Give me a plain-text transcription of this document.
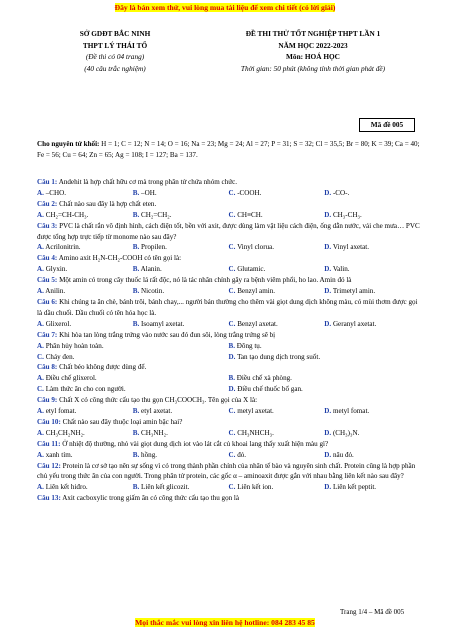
Đây là bản xem thử, vui lòng mua tài liệu để xem chi tiết (có lời giải)
SỞ GDĐT BẮC NINH
THPT LÝ THÁI TỔ
(Đề thi có 04 trang)
(40 câu trắc nghiệm)
ĐỀ THI THỬ TỐT NGHIỆP THPT LẦN 1
NĂM HỌC 2022-2023
Môn: HOÁ HỌC
Thời gian: 50 phút (không tính thời gian phát đề)
Mã đề 005
Cho nguyên tử khối: H = 1; C = 12; N = 14; O = 16; Na = 23; Mg = 24; Al = 27; P = 31; S = 32; Cl = 35,5; Br = 80; K = 39; Ca = 40; Fe = 56; Cu = 64; Zn = 65; Ag = 108; I = 127; Ba = 137.

Câu 1: Andehit là hợp chất hữu cơ mà trong phân tử chứa nhóm chức.

A. –CHO.	B. –OH.	C. -COOH.	D. -CO-.

Câu 2: Chất nào sau đây là hợp chất eten.

A. CH₂=CH-CH₃.	B. CH₂=CH₂.	C. CH≡CH.	D. CH₃-CH₃.

Câu 3: PVC là chất rắn vô định hình, cách điện tốt, bền với axit, được dùng làm vật liệu cách điện, ống dẫn nước, vải che mưa… PVC được tổng hợp trực tiếp từ monome nào sau đây?

A. Acrilonitrin.	B. Propilen.	C. Vinyl clorua.	D. Vinyl axetat.

Câu 4: Amino axit H₂N-CH₂-COOH có tên gọi là:

A. Glyxin.	B. Alanin.	C. Glutamic.	D. Valin.

Câu 5: Một amin có trong cây thuốc lá rất độc, nó là tác nhân chính gây ra bệnh viêm phổi, ho lao. Amin đó là

A. Anilin.	B. Nicotin.	C. Benzyl amin.	D. Trimetyl amin.

Câu 6: Khi chúng ta ăn chè, bánh trôi, bánh chay,... người bán thường cho thêm vài giọt dung dịch không màu, có mùi thơm được gọi là dầu chuối. Dầu chuối có tên hóa học là.

A. Glixerol.	B. Isoamyl axetat.	C. Benzyl axetat.	D. Geranyl axetat.

Câu 7: Khi hòa tan lòng trắng trứng vào nước sau đó đun sôi, lòng trắng trứng sẽ bị

A. Phân hủy hoàn toàn.	B. Đông tụ.
C. Cháy đen.	D. Tan tạo dung dịch trong suốt.

Câu 8: Chất béo không được dùng để.

A. Điều chế glixerol.	B. Điều chế xà phòng.
C. Làm thức ăn cho con người.	D. Điều chế thuốc bổ gan.

Câu 9: Chất X có công thức cấu tạo thu gọn CH₃COOCH₃. Tên gọi của X là:

A. etyl fomat.	B. etyl axetat.	C. metyl axetat.	D. metyl fomat.

Câu 10: Chất nào sau đây thuộc loại amin bậc hai?

A. CH₃CH₂NH₂.	B. CH₃NH₂.	C. CH₃NHCH₃.	D. (CH₃)₃N.

Câu 11: Ở nhiệt độ thường, nhỏ vài giọt dung dịch iot vào lát cắt củ khoai lang thấy xuất hiện màu gì?

A. xanh tím.	B. hồng.	C. đỏ.	D. nâu đỏ.

Câu 12: Protein là cơ sở tạo nên sự sống vì có trong thành phần chính của nhân tế bào và nguyên sinh chất. Protein cũng là hợp phần chủ yếu trong thức ăn của con người. Trong phân tử protein, các gốc α – aminoaxit được gắn với nhau bằng liên kết nào sau đây?

A. Liên kết hiđro.	B. Liên kết glicozit.	C. Liên kết ion.	D. Liên kết peptit.

Câu 13: Axit cacboxylic trong giấm ăn có công thức cấu tạo thu gọn là

Trang 1/4 – Mã đề 005
Mọi thắc mắc vui lòng xin liên hệ hotline: 084 283 45 85
